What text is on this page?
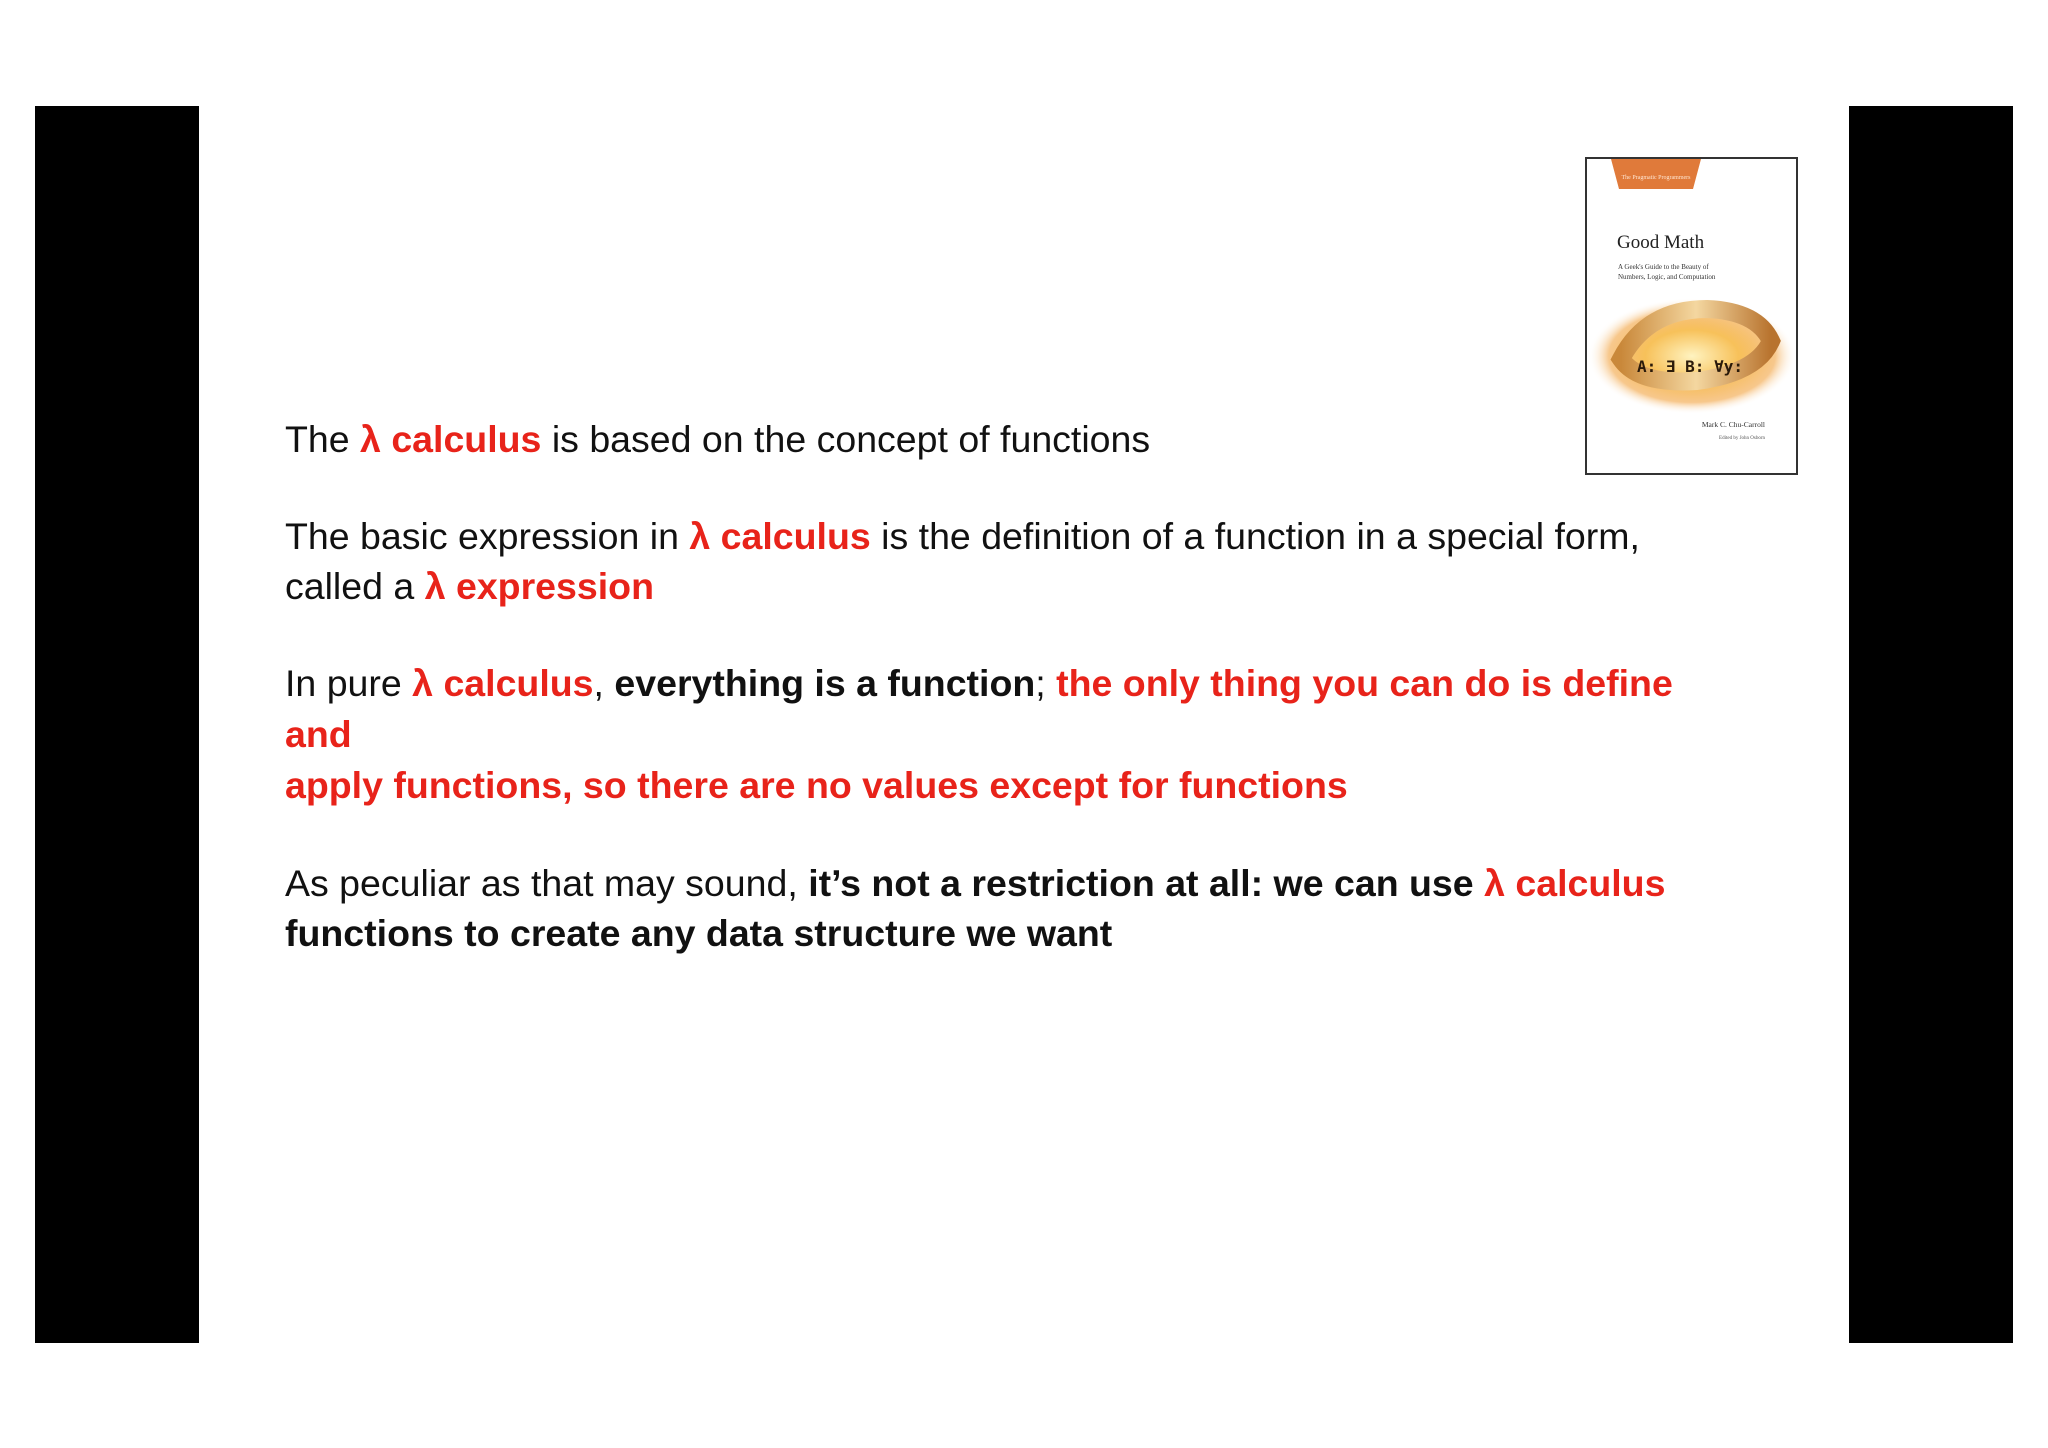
The Pragmatic Programmers
Good Math
A Geek's Guide to the Beauty of
Numbers, Logic, and Computation
A: ∃ B: ∀y:
Mark C. Chu-Carroll
Edited by John Osborn

The λ calculus is based on the concept of functions

The basic expression in λ calculus is the definition of a function in a special form,
called a λ expression

In pure λ calculus, everything is a function; the only thing you can do is define and
apply functions, so there are no values except for functions

As peculiar as that may sound, it’s not a restriction at all: we can use λ calculus
functions to create any data structure we want
